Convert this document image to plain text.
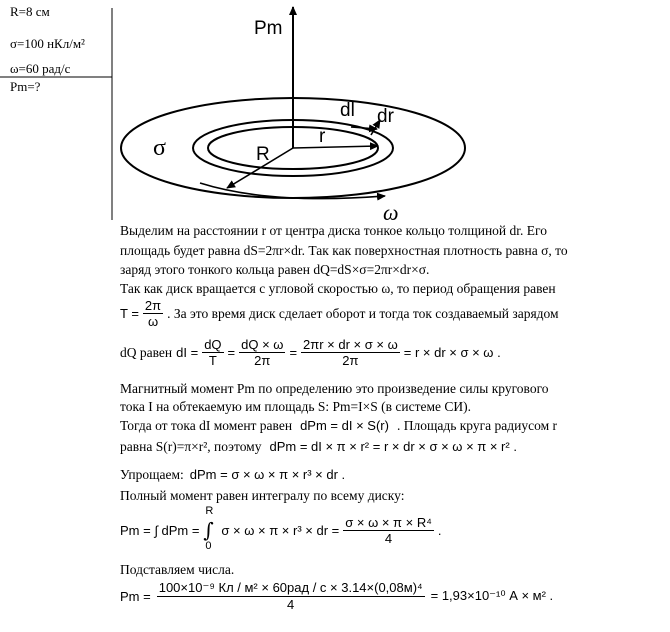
R=8 см
σ=100 нКл/м²
ω=60 рад/с
Pm=?
Pm
σ	R
r
dl dr
ω
Выделим на расстоянии r от центра диска тонкое кольцо толщиной dr. Его
площадь будет равна dS=2πr×dr. Так как поверхностная плотность равна σ, то
заряд этого тонкого кольца равен dQ=dS×σ=2πr×dr×σ.
Так как диск вращается с угловой скоростью ω, то период обращения равен
$T = \frac{2\pi}{\omega}$ . За это время диск сделает оборот и тогда ток создаваемый зарядом
dQ равен dI = $\frac{dQ}{T} = \frac{dQ \times \omega}{2\pi} = \frac{2\pi r \times dr \times \sigma \times \omega}{2\pi} = r$ × dr × σ × ω .
Магнитный момент Pm по определению это произведение силы кругового
тока I на обтекаемую им площадь S: Pm=I×S (в системе СИ).
Тогда от тока dI момент равен dPm = dI × S(r) . Площадь круга радиусом r
равна S(r)=π×r², поэтому dPm = dI × π × r² = r × dr × σ × ω × π × r² .
Упрощаем: dPm = σ × ω × π × r³ × dr .
Полный момент равен интегралу по всему диску:
Pm = ∫ dPm =
R
∫
0
σ × ω × π × r³ × dr = $\frac{\text{σ × ω × π × R⁴}}{4}$ .
Подставляем числа.
$Pm = \frac{\text{100×10⁻⁹ Кл / м² × 60рад / с × 3.14×(0,08м)⁴}}{4} = 1,93\times 10^{-10}$ А × м² .
